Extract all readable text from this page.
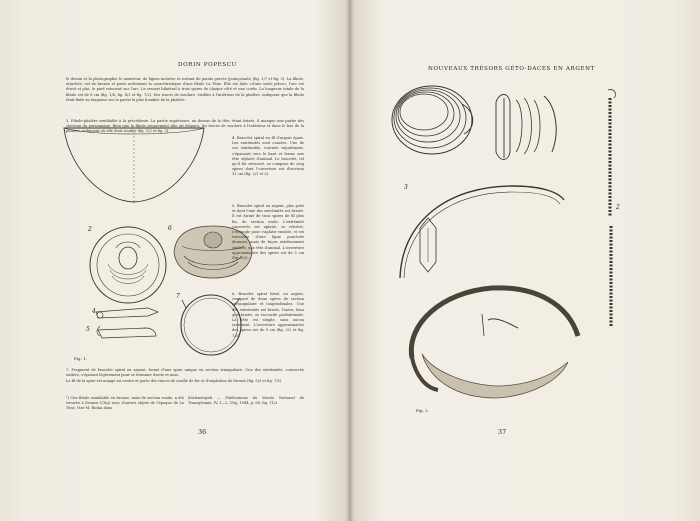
DORIN POPESCU
le dessin et la photographie le montrent, de lignes incisées et sortant de points gravés (poinçonnés) (fig. 1/7 et fig. 5). La fibule, attachée, est de bronze et porte nettement la caractéristique d'une fibule La Tène. Elle est faite «d'une seule pièce»; l'arc est étroit et plat, le pied retourné sur l'arc. Le ressort bilatéral à trois spires de chaque côté et une corde. La longueur totale de la fibule est de 8 cm (fig. 1/4, fig. 4/1 et fig. 7/2). Des traces de soudure, visibles à l'intérieur de la phalère, indiquent que la fibule était fixée en longueur sur la partie la plus bombée de la phalère.
3. Fibule-phalère semblable à la précédente. La partie supérieure, au dessus de la tête, étant brisée, il manque une partie des cheveux du personnage. Bien que la fibule proprement dite ait disparu, les traces de soudure à l'intérieur et dans le bas de la phalère, indiquent où elle était soudée (fig. 1/3 et fig. 3).
2
4
5
6
7
Fig. 1.
4. Bracelet spiral en fil d'argent épais. Les extrémités sont cassées. Une de ces extrémités, tournée séparément, s'épanouit vers le haut et forme une tête stylisée d'animal. Le bracelet, tel qu'il fut retrouvé, se compose de cinq spires dont l'ouverture est d'environ 11 cm (fig. 2/1 et 3).
5. Bracelet spiral en argent, plus petit et dont l'une des extrémités est brisée. Il est formé de trois spires de fil plus fin, de section ovale. L'extrémité conservée est aplatie, se rétrécit, s'étrangle pour s'aplatir ensuite, et est traversée d'une ligne ponctuée donnant, mais de façon extrêmement stylisée, une tête d'animal. L'ouverture approximative des spires est de 5 cm (fig. 2/2).
6. Bracelet spiral brisé, en argent, composé de deux spires de section rectangulaire et longitudinales. Une des extrémités est brisée, l'autre, bien que brisée, se raccorde parfaitement. La tête est simple, sans aucun ornement. L'ouverture approximative des spires est de 9 cm (fig. 2/2 et fig. 7/3).
7. Fragment de bracelet spiral en argent, formé d'une spire unique en section triangulaire. Une des extrémités, conservée entière, s'épaissit légèrement pour se terminer droite et unie.
Le fil de la spire est mangé au centre et porte des traces de rouille de fer et d'oxydation de bronze (fig. 5/3 et fig. 7/5).
²) Une fibule semblable en bronze, mais de section ronde, a été trouvée à Dezmir (Cluj) avec d'autres objets de l'époque de La Tène. Voir M. Roska dans
Közlemények — Publications du Musée National de Transylvanie, IV, 1—2, Cluj, 1944, p. 68, fig. 11/2.
36
NOUVEAUX TRÉSORS GÉTO-DACES EN ARGENT
3
2
Fig. 2.
37
